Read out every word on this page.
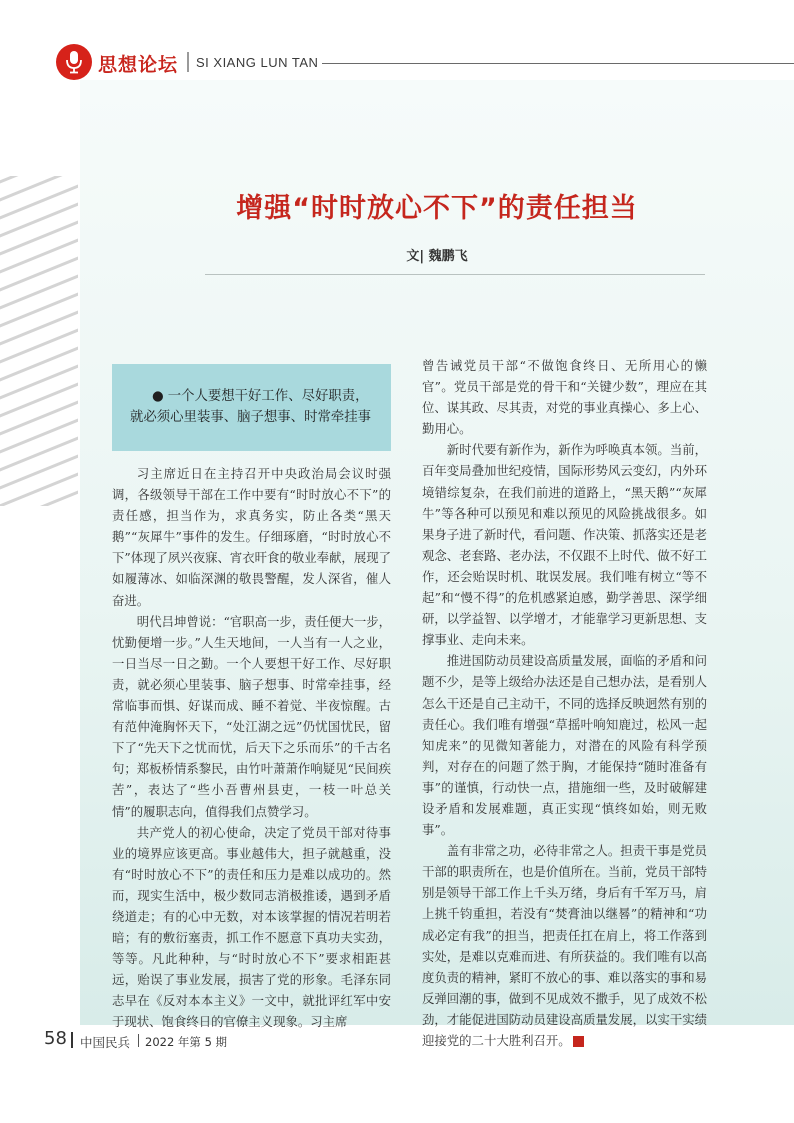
思想论坛 SI XIANG LUN TAN
增强“时时放心不下”的责任担当
文| 魏鹏飞
● 一个人要想干好工作、尽好职责，就必须心里装事、脑子想事、时常牵挂事

习主席近日在主持召开中央政治局会议时强调，各级领导干部在工作中要有“时时放心不下”的责任感，担当作为，求真务实，防止各类“黑天鹅”“灰犀牛”事件的发生。仔细琢磨，“时时放心不下”体现了夙兴夜寐、宵衣旰食的敬业奉献，展现了如履薄冰、如临深渊的敬畏警醒，发人深省，催人奋进。

明代吕坤曾说：“官职高一步，责任便大一步，忧勤便增一步。”人生天地间，一人当有一人之业，一日当尽一日之勤。一个人要想干好工作、尽好职责，就必须心里装事、脑子想事、时常牵挂事，经常临事而惧、好谋而成、睡不着觉、半夜惊醒。古有范仲淹胸怀天下，“处江湖之远”仍忧国忧民，留下了“先天下之忧而忧，后天下之乐而乐”的千古名句；郑板桥情系黎民，由竹叶萧萧作响疑见“民间疾苦”，表达了“些小吾曹州县吏，一枝一叶总关情”的履职志向，值得我们点赞学习。

共产党人的初心使命，决定了党员干部对待事业的境界应该更高。事业越伟大，担子就越重，没有“时时放心不下”的责任和压力是难以成功的。然而，现实生活中，极少数同志消极推诿，遇到矛盾绕道走；有的心中无数，对本该掌握的情况若明若暗；有的敷衍塞责，抓工作不愿意下真功夫实劲，等等。凡此种种，与“时时放心不下”要求相距甚远，贻误了事业发展，损害了党的形象。毛泽东同志早在《反对本本主义》一文中，就批评红军中安于现状、饱食终日的官僚主义现象。习主席

曾告诫党员干部“不做饱食终日、无所用心的懒官”。党员干部是党的骨干和“关键少数”，理应在其位、谋其政、尽其责，对党的事业真操心、多上心、勤用心。

新时代要有新作为，新作为呼唤真本领。当前，百年变局叠加世纪疫情，国际形势风云变幻，内外环境错综复杂，在我们前进的道路上，“黑天鹅”“灰犀牛”等各种可以预见和难以预见的风险挑战很多。如果身子进了新时代，看问题、作决策、抓落实还是老观念、老套路、老办法，不仅跟不上时代、做不好工作，还会贻误时机、耽误发展。我们唯有树立“等不起”和“慢不得”的危机感紧迫感，勤学善思、深学细研，以学益智、以学增才，才能靠学习更新思想、支撑事业、走向未来。

推进国防动员建设高质量发展，面临的矛盾和问题不少，是等上级给办法还是自己想办法，是看别人怎么干还是自己主动干，不同的选择反映迥然有别的责任心。我们唯有增强“草摇叶响知鹿过，松风一起知虎来”的见微知著能力，对潜在的风险有科学预判，对存在的问题了然于胸，才能保持“随时准备有事”的谨慎，行动快一点，措施细一些，及时破解建设矛盾和发展难题，真正实现“慎终如始，则无败事”。

盖有非常之功，必待非常之人。担责干事是党员干部的职责所在，也是价值所在。当前，党员干部特别是领导干部工作上千头万绪，身后有千军万马，肩上挑千钧重担，若没有“焚膏油以继晷”的精神和“功成必定有我”的担当，把责任扛在肩上，将工作落到实处，是难以克难而进、有所获益的。我们唯有以高度负责的精神，紧盯不放心的事、难以落实的事和易反弹回潮的事，做到不见成效不撒手，见了成效不松劲，才能促进国防动员建设高质量发展，以实干实绩迎接党的二十大胜利召开。	▽

58 中国民兵 2022 年第 5 期
